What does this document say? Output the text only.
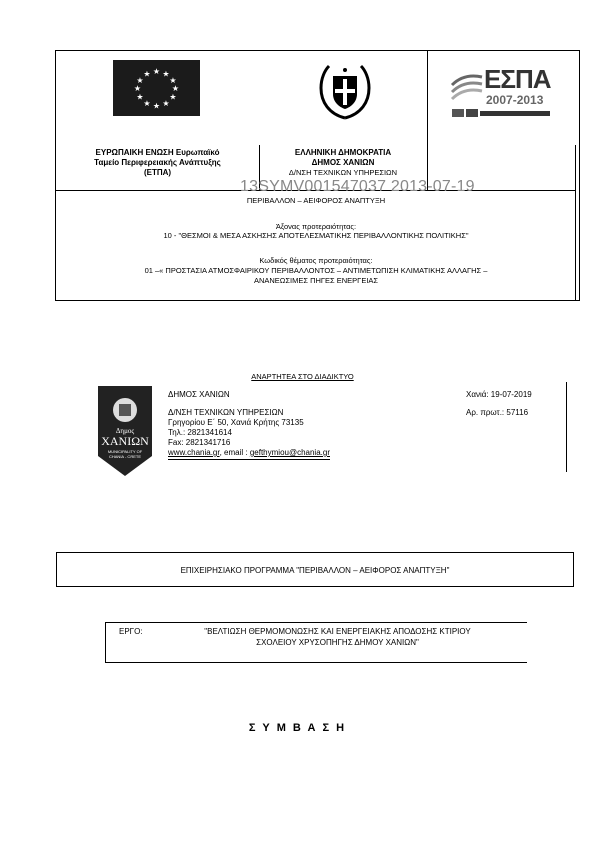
★ ★
★
★
★
★
★
★
★
★
★
★	ΕΣΠΑ
2007-2013
ΕΥΡΩΠΑΙΚΗ ΕΝΩΣΗ Ευρωπαϊκό
Ταμείο Περιφερειακής Ανάπτυξης
(ΕΤΠΑ)
ΕΛΛΗΝΙΚΗ ΔΗΜΟΚΡΑΤΙΑ
ΔΗΜΟΣ ΧΑΝΙΩΝ
Δ/ΝΣΗ ΤΕΧΝΙΚΩΝ ΥΠΗΡΕΣΙΩΝ
13SYMV001547037 2013-07-19
ΠΕΡΙΒΑΛΛΟΝ – ΑΕΙΦΟΡΟΣ ΑΝΑΠΤΥΞΗ
Άξονας προτεραιότητας:
10 - "ΘΕΣΜΟΙ & ΜΕΣΑ ΑΣΚΗΣΗΣ ΑΠΟΤΕΛΕΣΜΑΤΙΚΗΣ ΠΕΡΙΒΑΛΛΟΝΤΙΚΗΣ ΠΟΛΙΤΙΚΗΣ"
Κωδικός θέματος προτεραιότητας:
01 –« ΠΡΟΣΤΑΣΙΑ ΑΤΜΟΣΦΑΙΡΙΚΟΥ ΠΕΡΙΒΑΛΛΟΝΤΟΣ – ΑΝΤΙΜΕΤΩΠΙΣΗ ΚΛΙΜΑΤΙΚΗΣ ΑΛΛΑΓΗΣ –
ΑΝΑΝΕΩΣΙΜΕΣ ΠΗΓΕΣ ΕΝΕΡΓΕΙΑΣ
ΑΝΑΡΤΗΤΕΑ ΣΤΟ ΔΙΑΔΙΚΤΥΟ
Δημος
ΧΑΝΙΩΝ
MUNICIPALITY OF
CHANIA - CRETE
ΔΗΜΟΣ ΧΑΝΙΩΝ
Δ/ΝΣΗ ΤΕΧΝΙΚΩΝ ΥΠΗΡΕΣΙΩΝ
Γρηγορίου Ε΄ 50, Χανιά Κρήτης 73135
Τηλ.: 2821341614
Fax: 2821341716
www.chania.gr, email : gefthymiou@chania.gr
Χανιά: 19-07-2019
Αρ. πρωτ.: 57116
ΕΠΙΧΕΙΡΗΣΙΑΚΟ ΠΡΟΓΡΑΜΜΑ "ΠΕΡΙΒΑΛΛΟΝ – ΑΕΙΦΟΡΟΣ ΑΝΑΠΤΥΞΗ"
ΕΡΓΟ:	"ΒΕΛΤΙΩΣΗ ΘΕΡΜΟΜΟΝΩΣΗΣ ΚΑΙ ΕΝΕΡΓΕΙΑΚΗΣ ΑΠΟΔΟΣΗΣ ΚΤΙΡΙΟΥ
ΣΧΟΛΕΙΟΥ ΧΡΥΣΟΠΗΓΗΣ ΔΗΜΟΥ ΧΑΝΙΩΝ"
Σ Υ Μ Β Α Σ Η
